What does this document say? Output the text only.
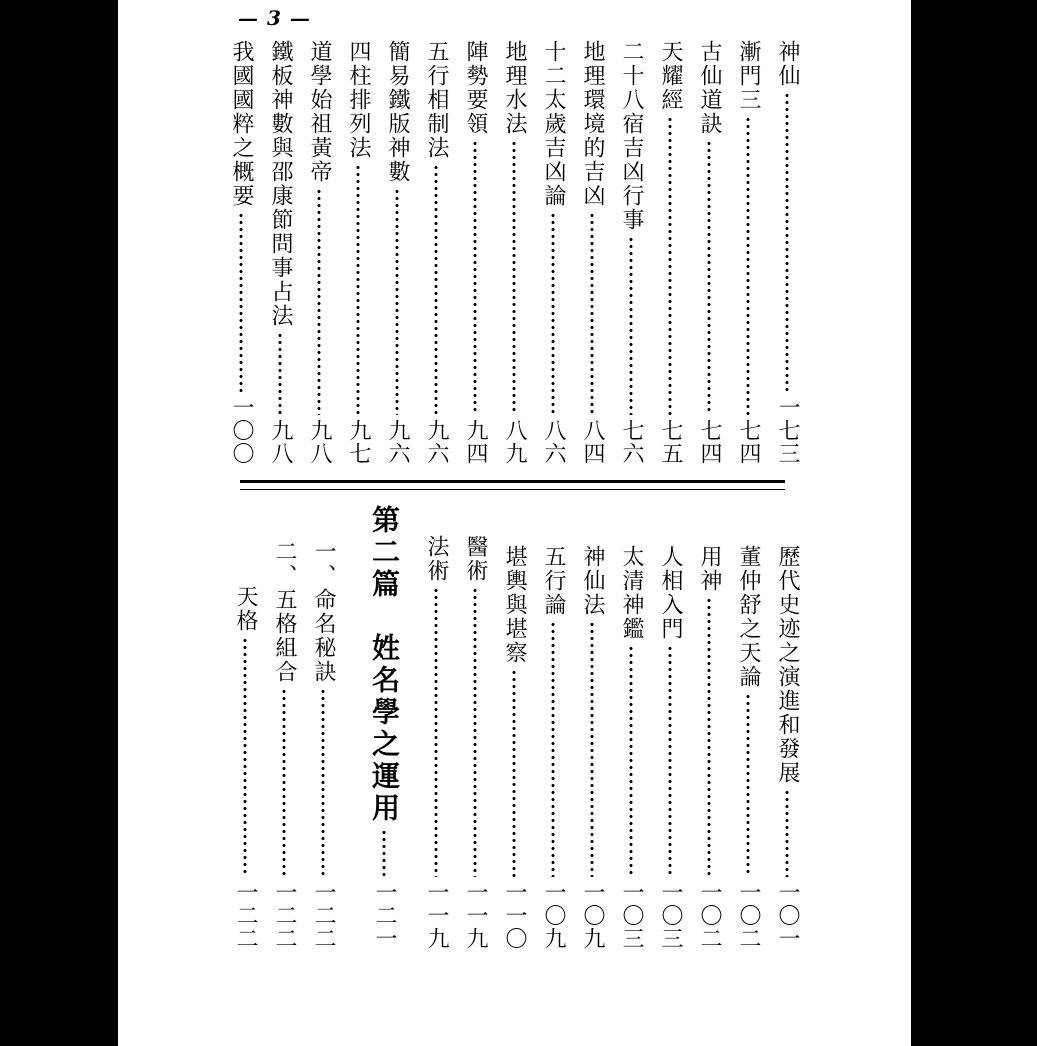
— 3 —
神仙
一七三
漸門三
七四
古仙道訣
七四
天耀經
七五
二十八宿吉凶行事
七六
地理環境的吉凶
八四
十二太歲吉凶論
八六
地理水法
八九
陣勢要領
九四
五行相制法
九六
簡易鐵版神數
九六
四柱排列法
九七
道學始祖黃帝
九八
鐵板神數與邵康節問事占法
九八
我國國粹之概要
一〇〇
歷代史迹之演進和發展
一〇一
董仲舒之天論
一〇二
用神
一〇二
人相入門
一〇三
太清神鑑
一〇三
神仙法
一〇九
五行論
一〇九
堪輿與堪察
一一〇
醫術
一一九
法術
一一九
第二篇　姓名學之運用
一二一
一、命名秘訣
一二二
二、五格組合
一二二
天格
一二二
